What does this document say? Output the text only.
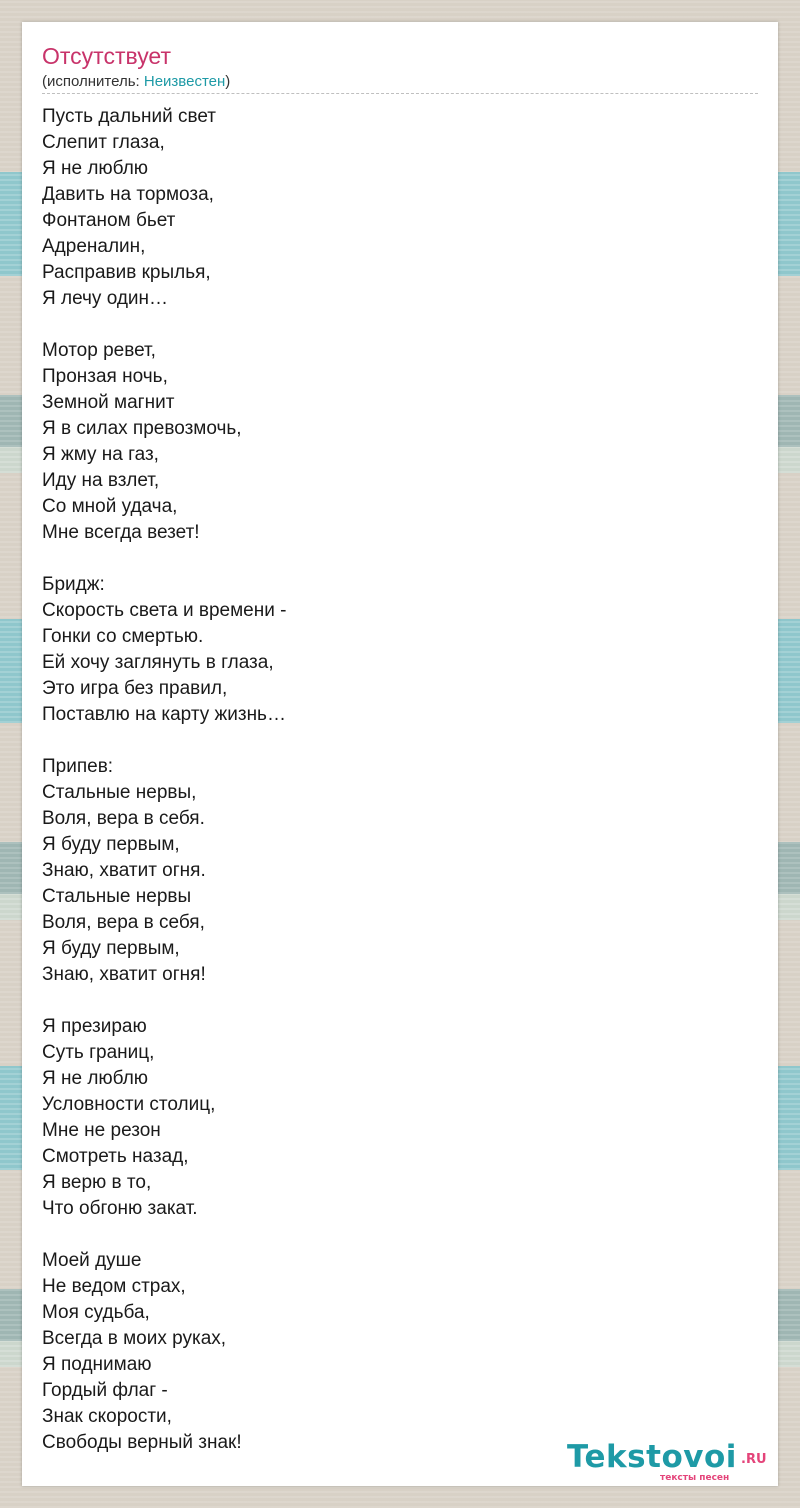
Отсутствует
(исполнитель: Неизвестен)
Пусть дальний свет
Слепит глаза,
Я не люблю
Давить на тормоза,
Фонтаном бьет
Адреналин,
Расправив крылья,
Я лечу один…
Мотор ревет,
Пронзая ночь,
Земной магнит
Я в силах превозмочь,
Я жму на газ,
Иду на взлет,
Со мной удача,
Мне всегда везет!
Бридж:
Скорость света и времени -
Гонки со смертью.
Ей хочу заглянуть в глаза,
Это игра без правил,
Поставлю на карту жизнь…
Припев:
Стальные нервы,
Воля, вера в себя.
Я буду первым,
Знаю, хватит огня.
Стальные нервы
Воля, вера в себя,
Я буду первым,
Знаю, хватит огня!
Я презираю
Суть границ,
Я не люблю
Условности столиц,
Мне не резон
Смотреть назад,
Я верю в то,
Что обгоню закат.
Моей душе
Не ведом страх,
Моя судьба,
Всегда в моих руках,
Я поднимаю
Гордый флаг -
Знак скорости,
Свободы верный знак!	Tekstovoi .RU
тексты песен
